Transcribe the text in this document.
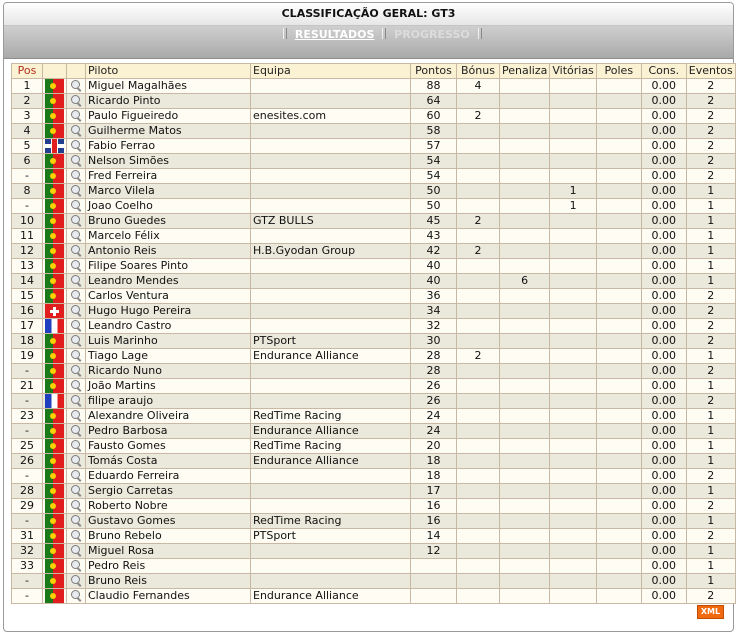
CLASSIFICAÇÃO GERAL: GT3
RESULTADOS PROGRESSO
Pos			Piloto	Equipa	Pontos	Bónus	Penaliza	Vitórias	Poles	Cons.	Eventos
1			Miguel Magalhães		88	4				0.00	2
2			Ricardo Pinto		64					0.00	2
3			Paulo Figueiredo	enesites.com	60	2				0.00	2
4			Guilherme Matos		58					0.00	2
5			Fabio Ferrao		57					0.00	2
6			Nelson Simões		54					0.00	2
-			Fred Ferreira		54					0.00	2
8			Marco Vilela		50			1		0.00	1
-			Joao Coelho		50			1		0.00	1
10			Bruno Guedes	GTZ BULLS	45	2				0.00	1
11			Marcelo Félix		43					0.00	1
12			Antonio Reis	H.B.Gyodan Group	42	2				0.00	1
13			Filipe Soares Pinto		40					0.00	1
14			Leandro Mendes		40		6			0.00	1
15			Carlos Ventura		36					0.00	2
16			Hugo Hugo Pereira		34					0.00	2
17			Leandro Castro		32					0.00	2
18			Luis Marinho	PTSport	30					0.00	2
19			Tiago Lage	Endurance Alliance	28	2				0.00	1
-			Ricardo Nuno		28					0.00	2
21			João Martins		26					0.00	1
-			filipe araujo		26					0.00	2
23			Alexandre Oliveira	RedTime Racing	24					0.00	1
-			Pedro Barbosa	Endurance Alliance	24					0.00	1
25			Fausto Gomes	RedTime Racing	20					0.00	1
26			Tomás Costa	Endurance Alliance	18					0.00	1
-			Eduardo Ferreira		18					0.00	2
28			Sergio Carretas		17					0.00	1
29			Roberto Nobre		16					0.00	2
-			Gustavo Gomes	RedTime Racing	16					0.00	1
31			Bruno Rebelo	PTSport	14					0.00	2
32			Miguel Rosa		12					0.00	1
33			Pedro Reis							0.00	1
-			Bruno Reis							0.00	1
-			Claudio Fernandes	Endurance Alliance						0.00	2
XML
